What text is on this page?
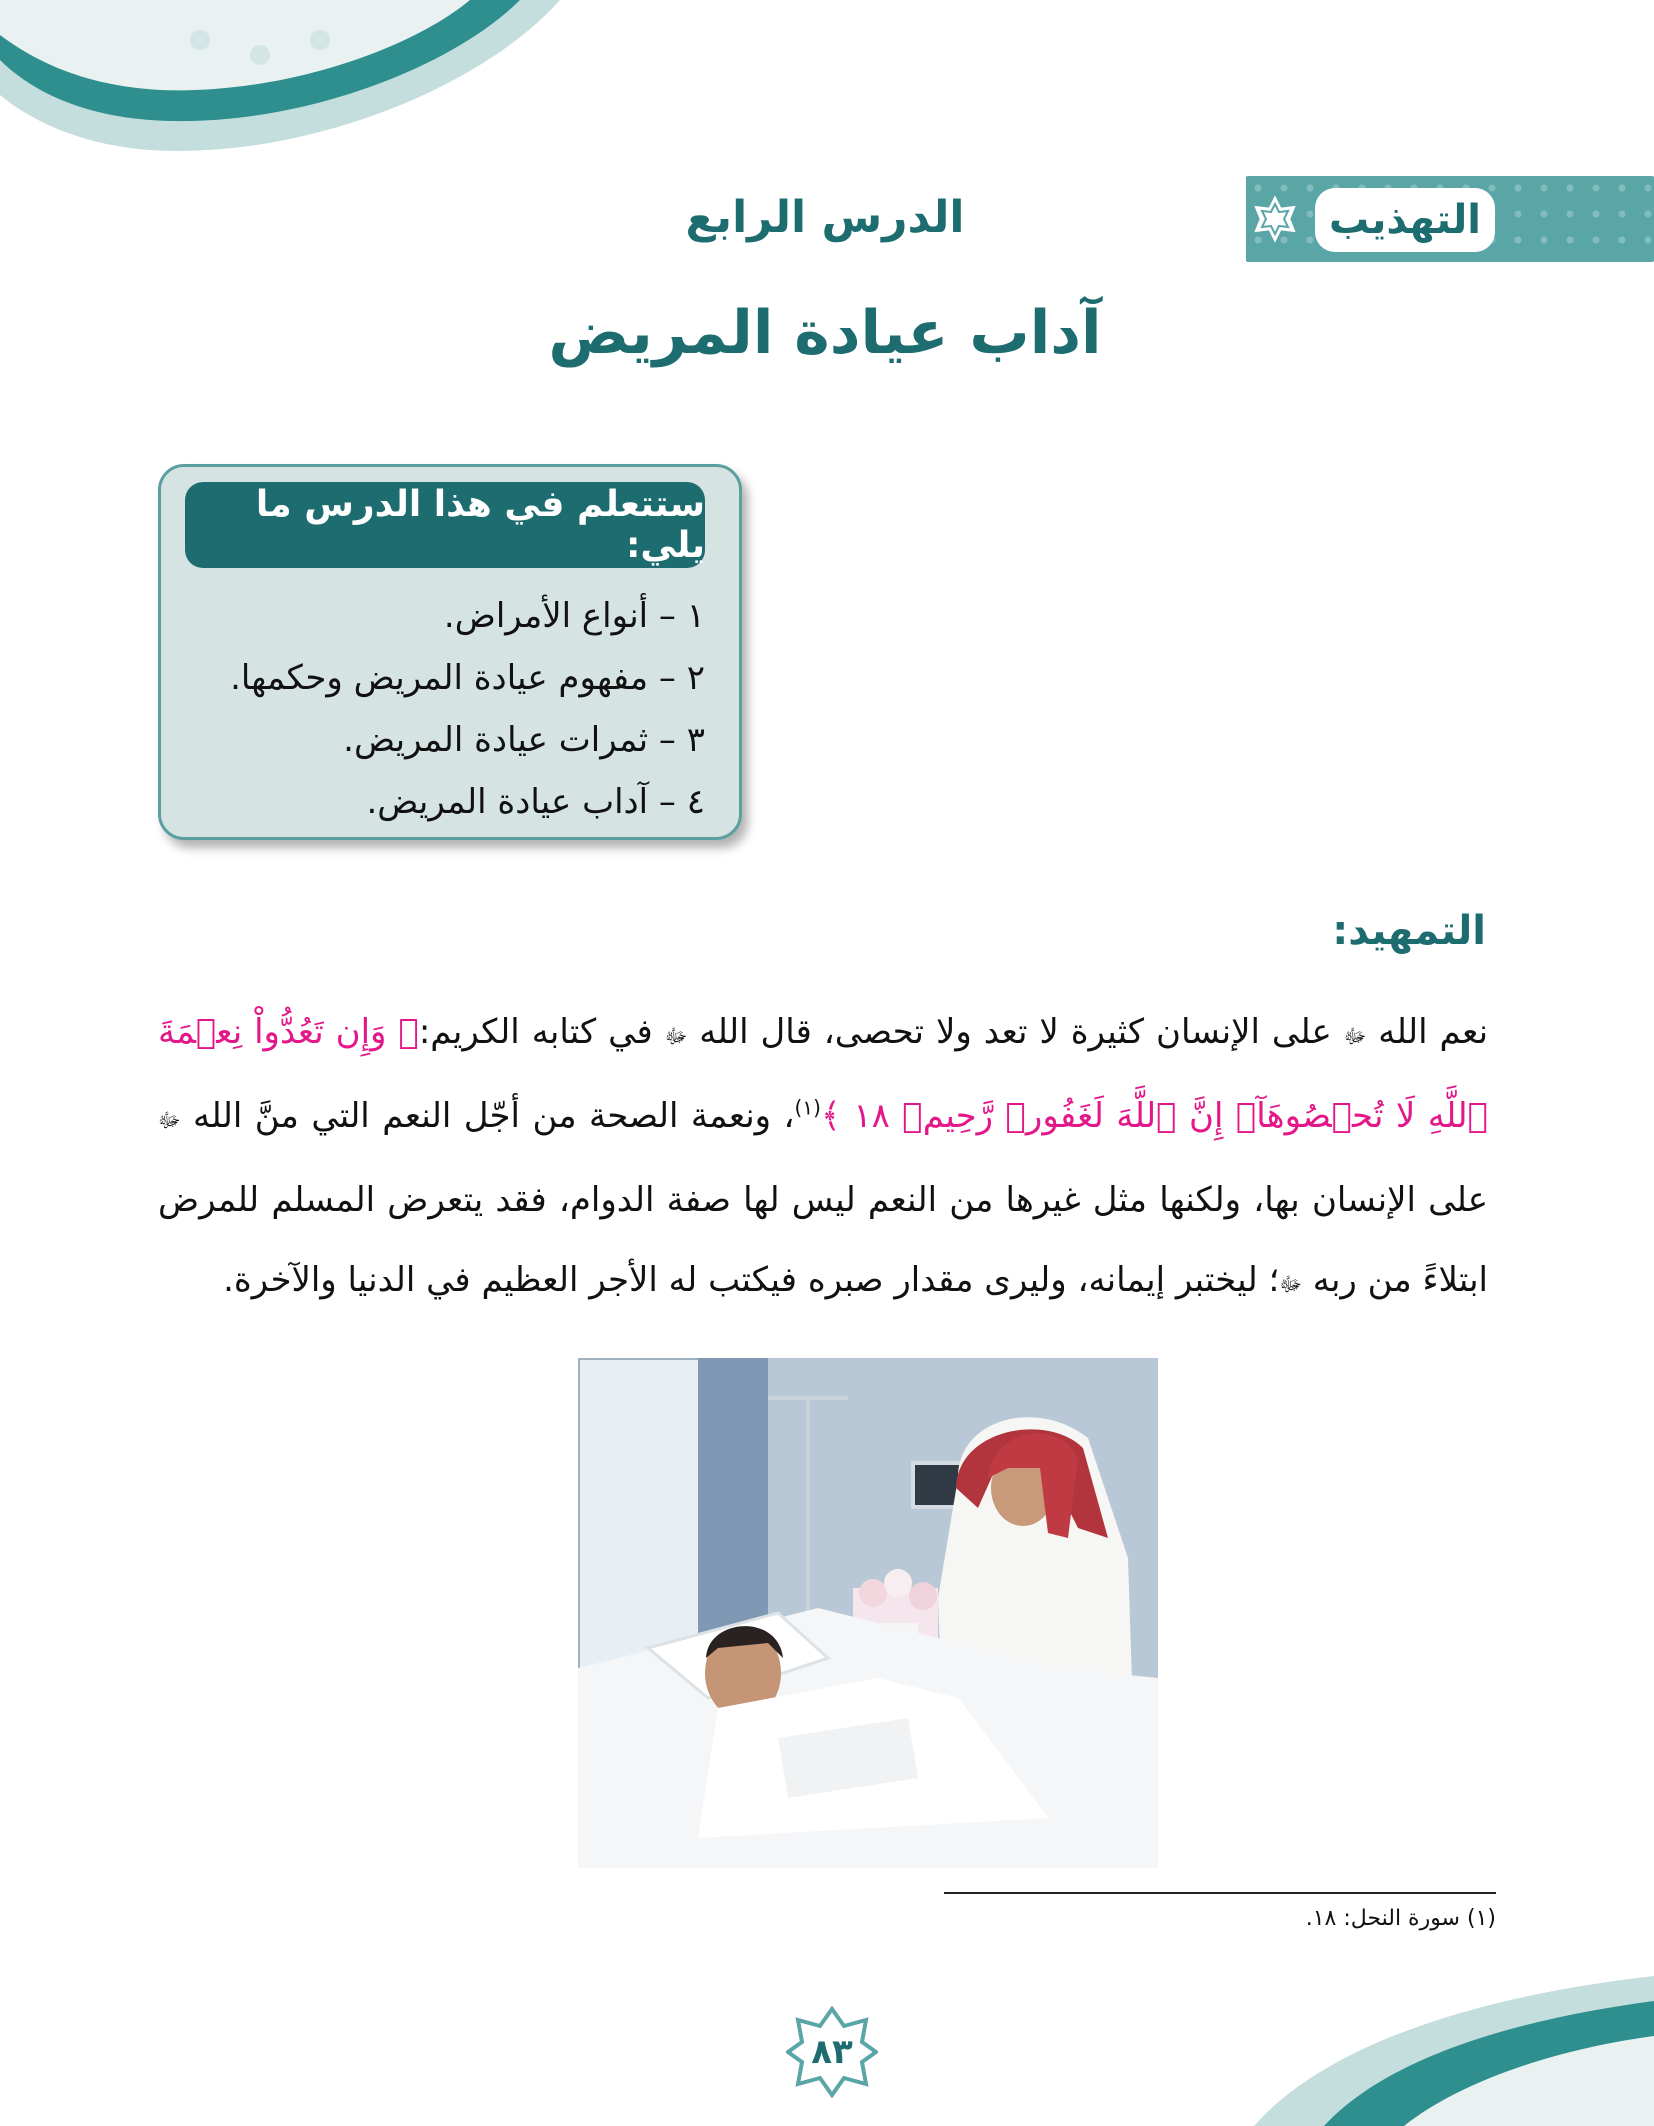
التهذيب
الدرس الرابع
آداب عيادة المريض
ستتعلم في هذا الدرس ما يلي:
١ – أنواع الأمراض.
٢ – مفهوم عيادة المريض وحكمها.
٣ – ثمرات عيادة المريض.
٤ – آداب عيادة المريض.
التمهيد:

نعم الله ﷻ على الإنسان كثيرة لا تعد ولا تحصى، قال الله ﷻ في كتابه الكريم:﴿ وَإِن تَعُدُّواْ نِعۡمَةَ ٱللَّهِ لَا تُحۡصُوهَآۗ إِنَّ ٱللَّهَ لَغَفُورٞ رَّحِيمٞ ١٨ ﴾$^{(١)}$، ونعمة الصحة من أجّل النعم التي منَّ الله ﷻ على الإنسان بها، ولكنها مثل غيرها من النعم ليس لها صفة الدوام، فقد يتعرض المسلم للمرض ابتلاءً من ربه ﷻ؛ ليختبر إيمانه، وليرى مقدار صبره فيكتب له الأجر العظيم في الدنيا والآخرة.

(١) سورة النحل: ١٨.
٨٣
